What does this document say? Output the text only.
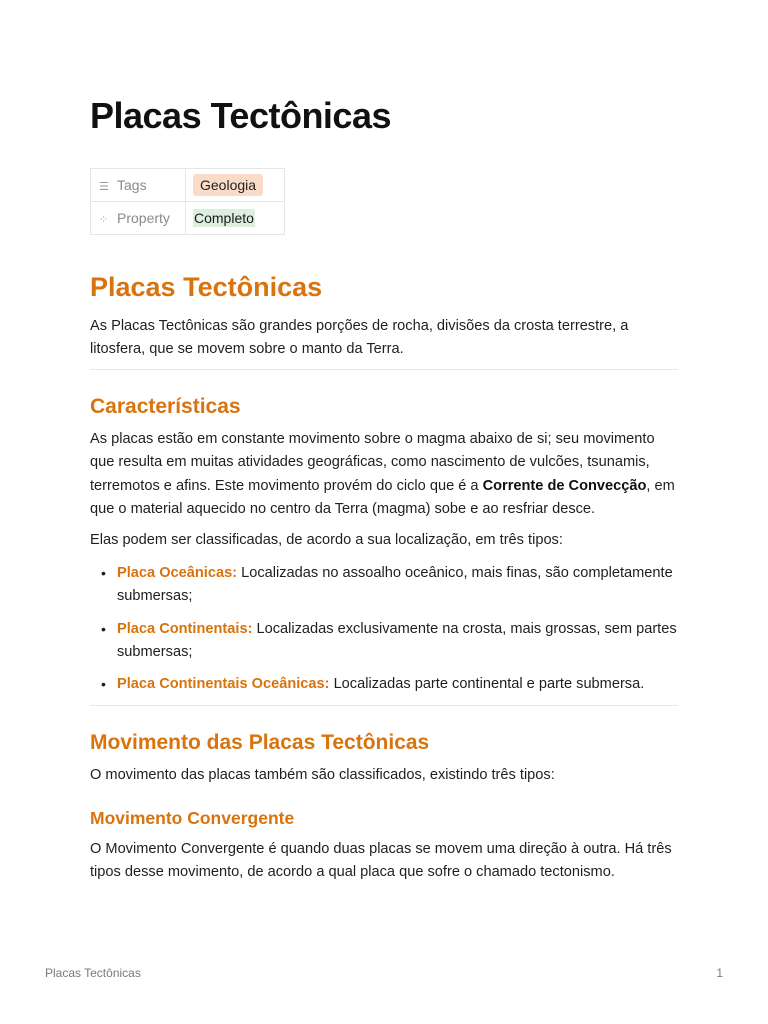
Placas Tectônicas
☰ Tags	Geologia
⁘ Property	Completo
Placas Tectônicas

As Placas Tectônicas são grandes porções de rocha, divisões da crosta terrestre, a litosfera, que se movem sobre o manto da Terra.

Características

As placas estão em constante movimento sobre o magma abaixo de si; seu movimento que resulta em muitas atividades geográficas, como nascimento de vulcões, tsunamis, terremotos e afins. Este movimento provém do ciclo que é a Corrente de Convecção, em que o material aquecido no centro da Terra (magma) sobe e ao resfriar desce.

Elas podem ser classificadas, de acordo a sua localização, em três tipos:

• Placa Oceânicas: Localizadas no assoalho oceânico, mais finas, são completamente submersas;
• Placa Continentais: Localizadas exclusivamente na crosta, mais grossas, sem partes submersas;
• Placa Continentais Oceânicas: Localizadas parte continental e parte submersa.
Movimento das Placas Tectônicas

O movimento das placas também são classificados, existindo três tipos:

Movimento Convergente

O Movimento Convergente é quando duas placas se movem uma direção à outra. Há três tipos desse movimento, de acordo a qual placa que sofre o chamado tectonismo.

Placas Tectônicas	1
